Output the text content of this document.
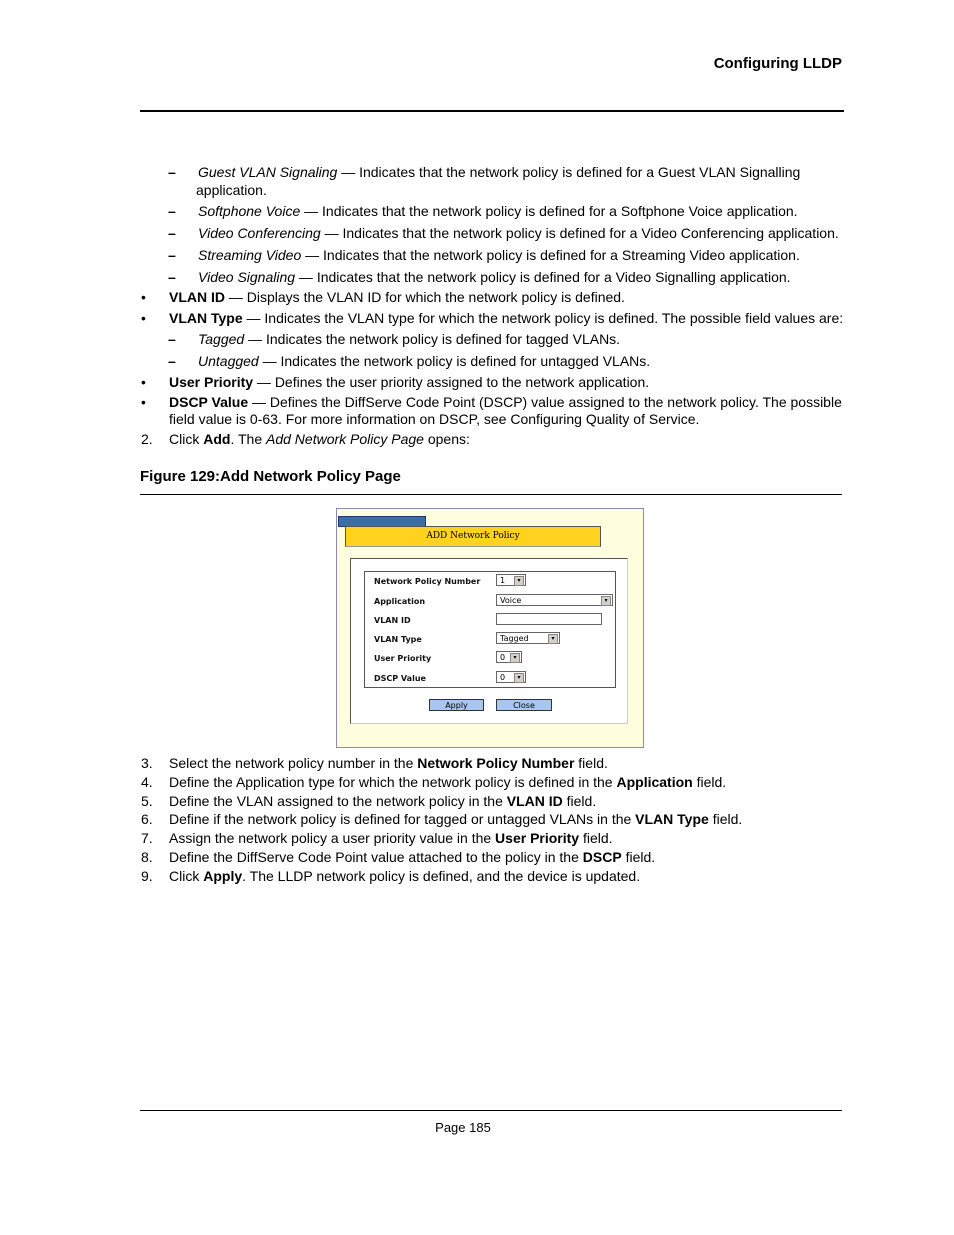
Configuring LLDP
– Guest VLAN Signaling — Indicates that the network policy is defined for a Guest VLAN Signalling
application.
– Softphone Voice — Indicates that the network policy is defined for a Softphone Voice application.
– Video Conferencing — Indicates that the network policy is defined for a Video Conferencing application.
– Streaming Video — Indicates that the network policy is defined for a Streaming Video application.
– Video Signaling — Indicates that the network policy is defined for a Video Signalling application.
• VLAN ID — Displays the VLAN ID for which the network policy is defined.
• VLAN Type — Indicates the VLAN type for which the network policy is defined. The possible field values are:
– Tagged — Indicates the network policy is defined for tagged VLANs.
– Untagged — Indicates the network policy is defined for untagged VLANs.
• User Priority — Defines the user priority assigned to the network application.
• DSCP Value — Defines the DiffServe Code Point (DSCP) value assigned to the network policy. The possible
field value is 0-63. For more information on DSCP, see Configuring Quality of Service.
2. Click Add. The Add Network Policy Page opens:
Figure 129:Add Network Policy Page
ADD Network Policy
Network Policy Number	1	▾
Application	Voice	▾
VLAN ID
VLAN Type	Tagged	▾
User Priority	0	▾
DSCP Value	0	▾
Apply	Close
3. Select the network policy number in the Network Policy Number field.
4. Define the Application type for which the network policy is defined in the Application field.
5. Define the VLAN assigned to the network policy in the VLAN ID field.
6. Define if the network policy is defined for tagged or untagged VLANs in the VLAN Type field.
7. Assign the network policy a user priority value in the User Priority field.
8. Define the DiffServe Code Point value attached to the policy in the DSCP field.
9. Click Apply. The LLDP network policy is defined, and the device is updated.
Page 185
